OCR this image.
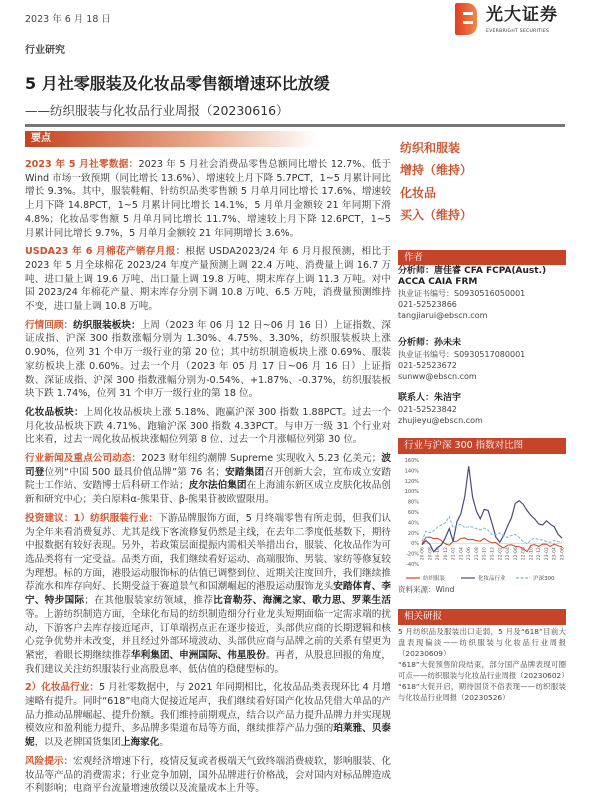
2023 年 6 月 18 日	光大证券
EVERBRIGHT SECURITIES
行业研究
5 月社零服装及化妆品零售额增速环比放缓
——纺织服装与化妆品行业周报（20230616）
要点

2023 年 5 月社零数据：2023 年 5 月社会消费品零售总额同比增长 12.7%、低于 Wind 市场一致预期（同比增长 13.6%）、增速较上月下降 5.7PCT，1~5 月累计同比增长 9.3%。其中，服装鞋帽、针纺织品类零售额 5 月单月同比增长 17.6%、增速较上月下降 14.8PCT，1~5 月累计同比增长 14.1%，5 月单月金额较 21 年同期下滑 4.8%；化妆品零售额 5 月单月同比增长 11.7%、增速较上月下降 12.6PCT，1~5 月累计同比增长 9.7%，5 月单月金额较 21 年同期增长 3.6%。

USDA23 年 6 月棉花产销存月报：根据 USDA2023/24 年 6 月月报预测，相比于 2023 年 5 月全球棉花 2023/24 年度产量预测上调 22.4 万吨、消费量上调 16.7 万吨、进口量上调 19.6 万吨、出口量上调 19.8 万吨、期末库存上调 11.3 万吨。对中国 2023/24 年棉花产量、期末库存分别下调 10.8 万吨、6.5 万吨，消费量预测维持不变，进口量上调 10.8 万吨。

行情回顾：纺织服装板块：上周（2023 年 06 月 12 日~06 月 16 日）上证指数、深证成指、沪深 300 指数涨幅分别为 1.30%、4.75%、3.30%，纺织服装板块上涨 0.90%，位列 31 个申万一级行业的第 20 位；其中纺织制造板块上涨 0.69%、服装家纺板块上涨 0.60%。过去一个月（2023 年 05 月 17 日~06 月 16 日）上证指数、深证成指、沪深 300 指数涨幅分别为-0.54%、+1.87%、-0.37%，纺织服装板块下跌 1.74%，位列 31 个申万一级行业的第 18 位。

化妆品板块：上周化妆品板块上涨 5.18%、跑赢沪深 300 指数 1.88PCT。过去一个月化妆品板块下跌 4.71%、跑输沪深 300 指数 4.33PCT。与申万一级 31 个行业对比来看，过去一周化妆品板块涨幅位列第 8 位、过去一个月涨幅位列第 30 位。

行业新闻及重点公司动态：2023 财年纽约潮牌 Supreme 实现收入 5.23 亿美元；波司登位列“中国 500 最具价值品牌”第 76 名；安踏集团召开创新大会，宣布成立安踏院士工作站、安踏博士后科研工作站；皮尔法伯集团在上海浦东新区成立皮肤化妆品创新和研究中心；美白原料α-熊果苷、β-熊果苷被欧盟限用。

投资建议：1）纺织服装行业：下游品牌服饰方面，5 月终端零售有所走弱，但我们认为全年来看消费复苏、尤其是线下客流修复仍然是主线，在去年二季度低基数下，期待中报数据有较好表现。另外，若政策层面提振内需相关举措出台，服装、化妆品作为可选品类将有一定受益。品类方面，我们继续看好运动、高端服饰、男装、家纺等修复较为理想。标的方面，港股运动服饰标的估值已调整到位、近期关注度回升，我们继续推荐流水和库存向好、长期受益于赛道景气和国潮崛起的港股运动服饰龙头安踏体育、李宁、特步国际；在其他服装家纺领域，推荐比音勒芬、海澜之家、歌力思、罗莱生活等。上游纺织制造方面，全球化布局的纺织制造细分行业龙头短期面临一定需求端的扰动，下游客户去库存接近尾声，订单端拐点正在逐步接近，头部供应商的长期逻辑和核心竞争优势并未改变，并且经过外部环境波动、头部供应商与品牌之前的关系有望更为紧密，着眼长期继续推荐华利集团、申洲国际、伟星股份。再者，从股息回报的角度，我们建议关注纺织服装行业高股息率、低估值的稳健型标的。

2）化妆品行业：5 月社零数据中，与 2021 年同期相比，化妆品品类表现环比 4 月增速略有提升。同时“618”电商大促接近尾声，我们继续看好国产化妆品凭借大单品的产品力推动品牌崛起、提升份额。我们维持前期观点，结合以产品力提升品牌力并实现规模效应和盈利能力提升、多品牌多渠道布局等方面，继续推荐产品力强的珀莱雅、贝泰妮，以及老牌国货集团上海家化。

风险提示：宏观经济增速下行，疫情反复或者极端天气致终端消费疲软，影响服装、化妆品等产品的消费需求；行业竞争加剧，国外品牌进行价格战，会对国内对标品牌造成不利影响；电商平台流量增速放缓以及流量成本上升等。

纺织和服装
增持（维持）
化妆品
买入（维持）
作者
分析师：唐佳睿 CFA FCPA(Aust.) ACCA CAIA FRM
执业证书编号：S0930516050001
021-52523866
tangjiarui@ebscn.com
分析师：孙未未
执业证书编号：S0930517080001
021-52523672
sunww@ebscn.com
联系人：朱洁宇
021-52523842
zhujieyu@ebscn.com
行业与沪深 300 指数对比图
160%
140%
120%
100%
80%
60%
40%
20%
0%
-20%
-40%
20-06 20-08 20-10 20-12 21-02 21-04 21-06 21-08 21-10 21-12 22-02 22-04 22-06 22-08 22-10 22-12 23-02 23-04 23-06
纺织服装	化妆品行业	沪深300
资料来源：Wind
相关研报
5 月纺织品及服装出口走弱，5 月及“618”目前大盘表现偏淡——纺织服装与化妆品行业周报（20230609）
“618”大促预售阶段结束，部分国产品牌表现可圈可点——纺织服装与化妆品行业周报（20230602）
“618”大促开启，期待国货不俗表现——纺织服装与化妆品行业周报（20230526）
